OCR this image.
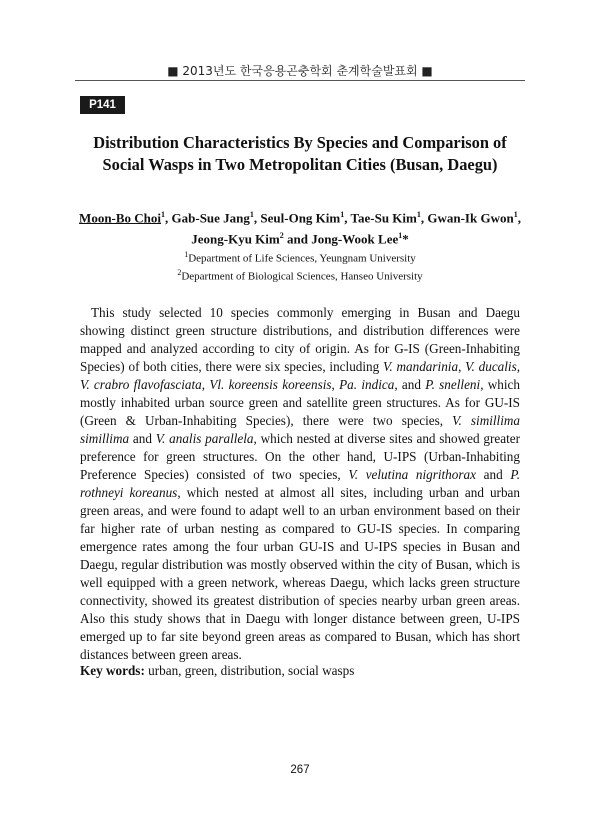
■ 2013년도 한국응용곤충학회 춘계학술발표회 ■
P141
Distribution Characteristics By Species and Comparison of
Social Wasps in Two Metropolitan Cities (Busan, Daegu)
Moon-Bo Choi$^1$, Gab-Sue Jang$^1$, Seul-Ong Kim$^1$, Tae-Su Kim$^1$, Gwan-Ik Gwon$^1$,
Jeong-Kyu Kim$^2$ and Jong-Wook Lee$^1$*
$^1$Department of Life Sciences, Yeungnam University
$^2$Department of Biological Sciences, Hanseo University

This study selected 10 species commonly emerging in Busan and Daegu showing distinct green structure distributions, and distribution differences were mapped and analyzed according to city of origin. As for G-IS (Green-Inhabiting Species) of both cities, there were six species, including V. mandarinia, V. ducalis, V. crabro flavofasciata, Vl. koreensis koreensis, Pa. indica, and P. snelleni, which mostly inhabited urban source green and satellite green structures. As for GU-IS (Green & Urban-Inhabiting Species), there were two species, V. simillima simillima and V. analis parallela, which nested at diverse sites and showed greater preference for green structures. On the other hand, U-IPS (Urban-Inhabiting Preference Species) consisted of two species, V. velutina nigrithorax and P. rothneyi koreanus, which nested at almost all sites, including urban and urban green areas, and were found to adapt well to an urban environment based on their far higher rate of urban nesting as compared to GU-IS species. In comparing emergence rates among the four urban GU-IS and U-IPS species in Busan and Daegu, regular distribution was mostly observed within the city of Busan, which is well equipped with a green network, whereas Daegu, which lacks green structure connectivity, showed its greatest distribution of species nearby urban green areas. Also this study shows that in Daegu with longer distance between green, U-IPS emerged up to far site beyond green areas as compared to Busan, which has short distances between green areas.

Key words: urban, green, distribution, social wasps
267
